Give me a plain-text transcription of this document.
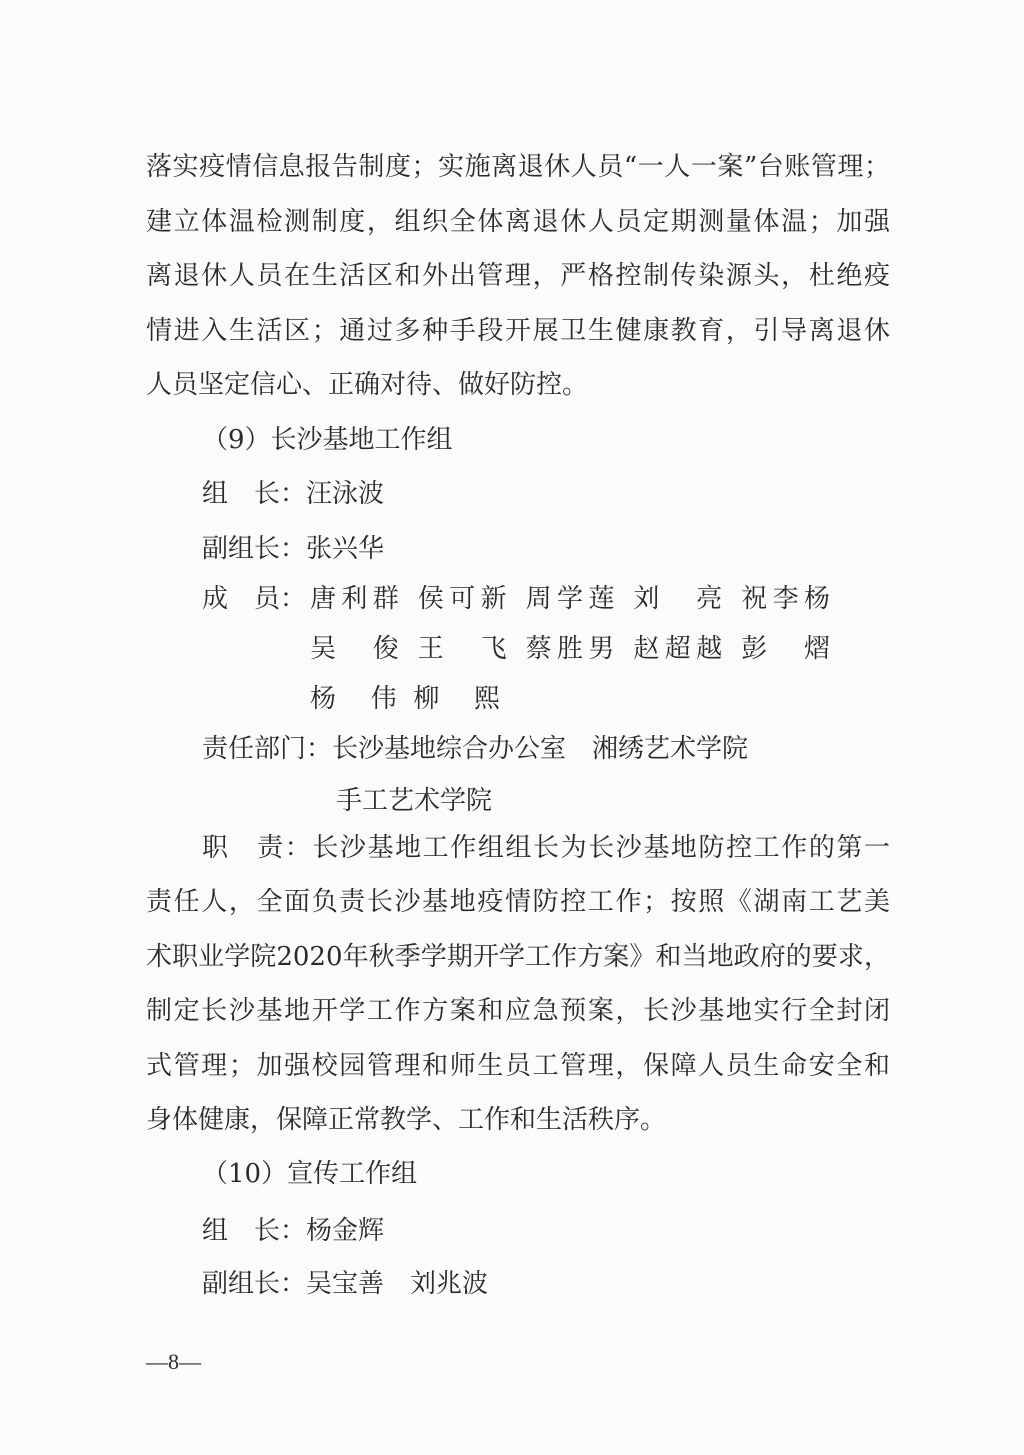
落实疫情信息报告制度；实施离退休人员“一人一案”台账管理；
建立体温检测制度，组织全体离退休人员定期测量体温；加强
离退休人员在生活区和外出管理，严格控制传染源头，杜绝疫
情进入生活区；通过多种手段开展卫生健康教育，引导离退休
人员坚定信心、正确对待、做好防控。
（9）长沙基地工作组
组　长：汪泳波
副组长：张兴华
成　员： 唐利群 侯可新 周学莲 刘　亮 祝李杨
吴　俊 王　飞 蔡胜男 赵超越 彭　熠
杨　伟 柳　熙
责任部门：长沙基地综合办公室　湘绣艺术学院
手工艺术学院
职　责：长沙基地工作组组长为长沙基地防控工作的第一
责任人，全面负责长沙基地疫情防控工作；按照《湖南工艺美
术职业学院2020年秋季学期开学工作方案》和当地政府的要求，
制定长沙基地开学工作方案和应急预案，长沙基地实行全封闭
式管理；加强校园管理和师生员工管理，保障人员生命安全和
身体健康，保障正常教学、工作和生活秩序。
（10）宣传工作组
组　长：杨金辉
副组长：吴宝善　刘兆波
—8—
